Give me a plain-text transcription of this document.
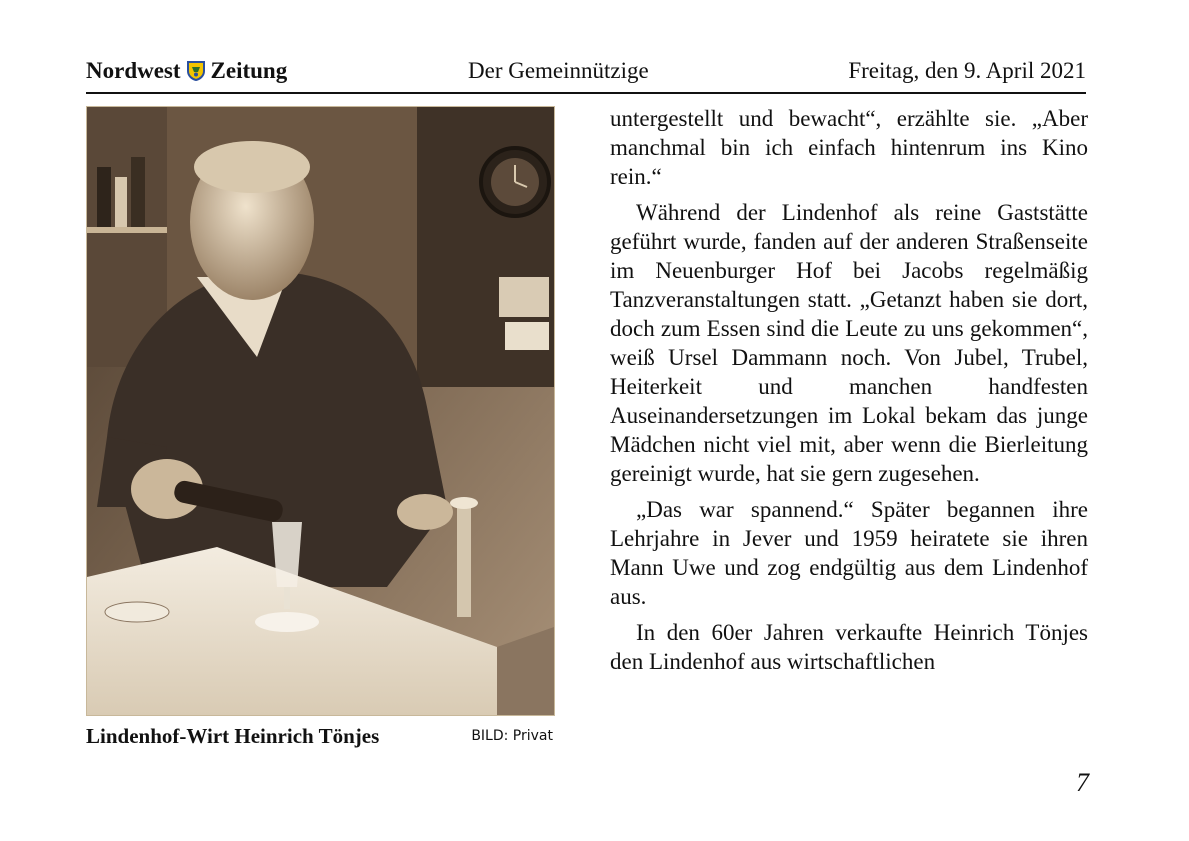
Nordwest Zeitung	Der Gemeinnützige	Freitag, den 9. April 2021
Lindenhof-Wirt Heinrich Tönjes	BILD: Privat

untergestellt und bewacht“, erzählte sie. „Aber manchmal bin ich einfach hintenrum ins Kino rein.“

Während der Lindenhof als reine Gaststätte geführt wurde, fanden auf der anderen Straßenseite im Neuenburger Hof bei Jacobs regelmäßig Tanzveranstaltungen statt. „Getanzt haben sie dort, doch zum Essen sind die Leute zu uns gekommen“, weiß Ursel Dammann noch. Von Jubel, Trubel, Heiterkeit und manchen handfesten Auseinandersetzungen im Lokal bekam das junge Mädchen nicht viel mit, aber wenn die Bierleitung gereinigt wurde, hat sie gern zugesehen.

„Das war spannend.“ Später begannen ihre Lehrjahre in Jever und 1959 heiratete sie ihren Mann Uwe und zog endgültig aus dem Lindenhof aus.

In den 60er Jahren verkaufte Heinrich Tönjes den Lindenhof aus wirtschaftlichen

7
